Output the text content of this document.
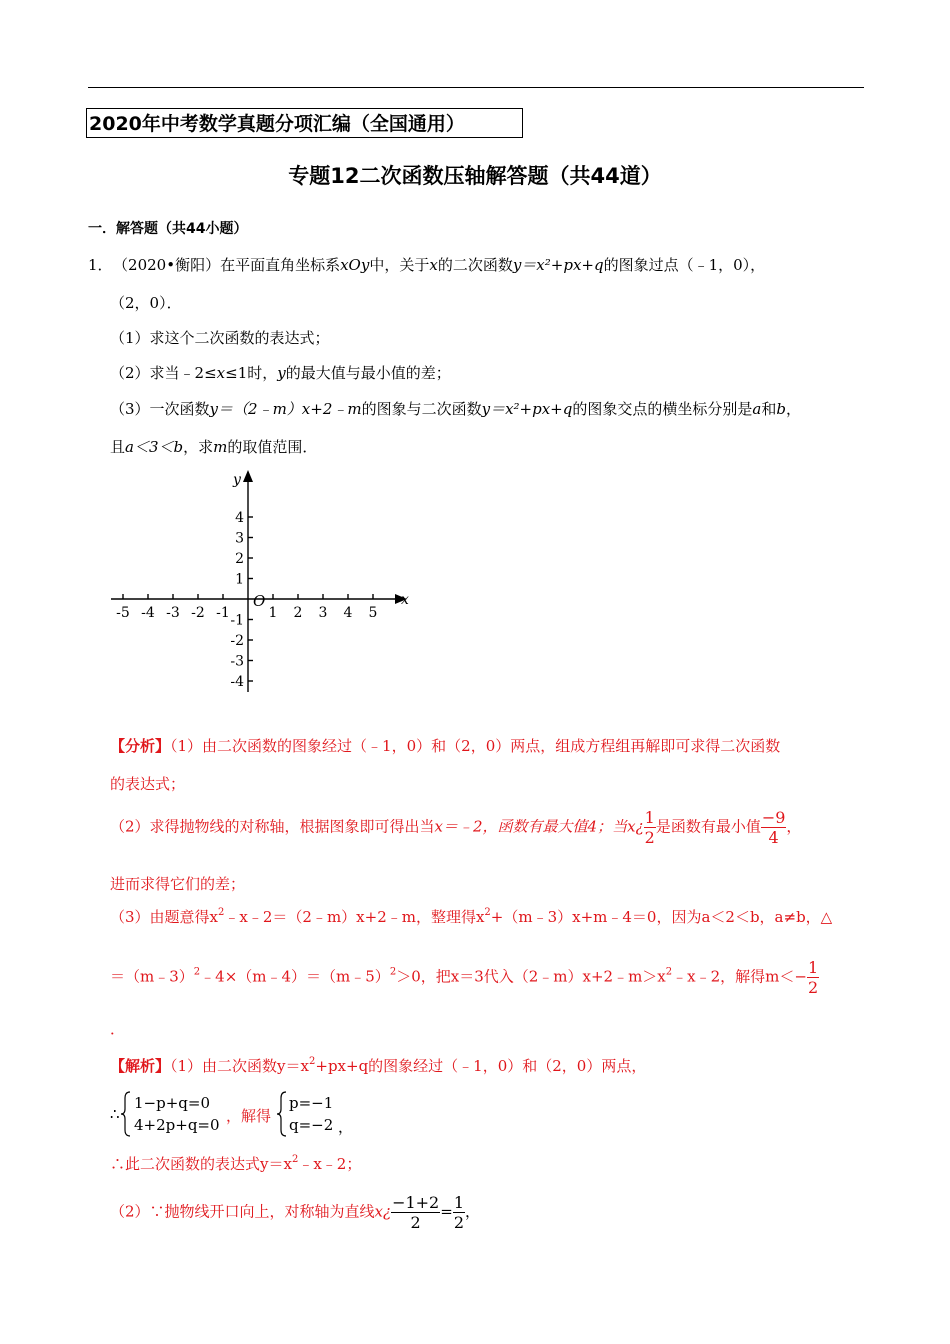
2020年中考数学真题分项汇编（全国通用）
专题12二次函数压轴解答题（共44道）
一．解答题（共44小题）
1． （2020•衡阳）在平面直角坐标系xOy中，关于x的二次函数y＝x²+px+q的图象过点（﹣1，0），
（2，0）．
（1）求这个二次函数的表达式；
（2）求当﹣2≤x≤1时，y的最大值与最小值的差；
（3）一次函数y＝（2﹣m）x+2﹣m的图象与二次函数y＝x²+px+q的图象交点的横坐标分别是a和b，
且a＜3＜b，求m的取值范围．
-5 -4 -3 -2 -1	1 2 3 4 5
4
3
2
1
-1
-2
-3
-4
x
y
O
【分析】（1）由二次函数的图象经过（﹣1，0）和（2，0）两点，组成方程组再解即可求得二次函数
的表达式；
（2）求得抛物线的对称轴，根据图象即可得出当x＝﹣2，函数有最大值4；当x¿ $\frac{1}{2}$ 是函数有最小值 $\frac{-9}{4}$ ，
进而求得它们的差；
（3）由题意得$x^2﹣x﹣2=(2﹣m)x+2﹣m$，整理得$x^2+(m﹣3)x+m﹣4=0$，因为a＜2＜b，a≠b，△
＝（m﹣3）$^2$﹣4×（m﹣4）＝（m﹣5）$^2$＞0，把x＝3代入$(2﹣m)x+2﹣m>x^2﹣x﹣2$，解得$m<- \frac{1}{2}$
．
【解析】（1）由二次函数$y=x^2+px+q$的图象经过（﹣1，0）和（2，0）两点，
∴
1−p+q=0
4+2p+q=0 ，解得
p=−1
q=−2 ，
∴此二次函数的表达式$y=x^2﹣x﹣2$；
（2）∵抛物线开口向上，对称轴为直线x¿ $\frac{-1+2}{2} = \frac{1}{2}$ ，
